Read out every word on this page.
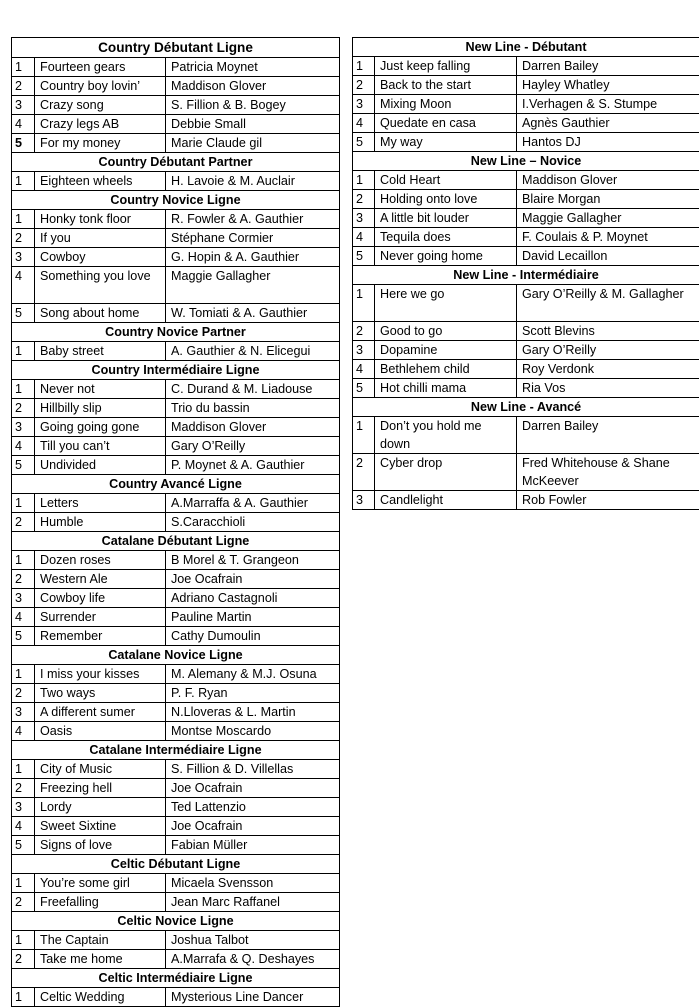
Country Débutant Ligne		
1	Fourteen gears	Patricia Moynet
2	Country boy lovin’	Maddison Glover
3	Crazy song	S. Fillion & B. Bogey
4	Crazy legs AB	Debbie Small
5	For my money	Marie Claude gil
Country Débutant Partner		
1	Eighteen wheels	H. Lavoie & M. Auclair
Country Novice Ligne		
1	Honky tonk floor	R. Fowler & A. Gauthier
2	If you	Stéphane Cormier
3	Cowboy	G. Hopin & A. Gauthier
4	Something you love	Maggie Gallagher
5	Song about home	W. Tomiati & A. Gauthier
Country Novice Partner		
1	Baby street	A. Gauthier & N. Elicegui
Country Intermédiaire Ligne		
1	Never not	C. Durand & M. Liadouse
2	Hillbilly slip	Trio du bassin
3	Going going gone	Maddison Glover
4	Till you can’t	Gary O’Reilly
5	Undivided	P. Moynet & A. Gauthier
Country Avancé Ligne		
1	Letters	A.Marraffa & A. Gauthier
2	Humble	S.Caracchioli
Catalane Débutant Ligne		
1	Dozen roses	B Morel & T. Grangeon
2	Western Ale	Joe Ocafrain
3	Cowboy life	Adriano Castagnoli
4	Surrender	Pauline Martin
5	Remember	Cathy Dumoulin
Catalane Novice Ligne		
1	I miss your kisses	M. Alemany & M.J. Osuna
2	Two ways	P. F. Ryan
3	A different sumer	N.Lloveras & L. Martin
4	Oasis	Montse Moscardo
Catalane Intermédiaire Ligne		
1	City of Music	S. Fillion & D. Villellas
2	Freezing hell	Joe Ocafrain
3	Lordy	Ted Lattenzio
4	Sweet Sixtine	Joe Ocafrain
5	Signs of love	Fabian Müller
Celtic Débutant Ligne		
1	You’re some girl	Micaela Svensson
2	Freefalling	Jean Marc Raffanel
Celtic Novice Ligne		
1	The Captain	Joshua Talbot
2	Take me home	A.Marrafa & Q. Deshayes
Celtic Intermédiaire Ligne		
1	Celtic Wedding	Mysterious Line Dancer
New Line - Débutant		
1	Just keep falling	Darren Bailey
2	Back to the start	Hayley Whatley
3	Mixing Moon	I.Verhagen & S. Stumpe
4	Quedate en casa	Agnès Gauthier
5	My way	Hantos DJ
New Line – Novice		
1	Cold Heart	Maddison Glover
2	Holding onto love	Blaire Morgan
3	A little bit louder	Maggie Gallagher
4	Tequila does	F. Coulais & P. Moynet
5	Never going home	David Lecaillon
New Line - Intermédiaire		
1	Here we go	Gary O’Reilly & M. Gallagher
2	Good to go	Scott Blevins
3	Dopamine	Gary O’Reilly
4	Bethlehem child	Roy Verdonk
5	Hot chilli mama	Ria Vos
New Line - Avancé		
1	Don’t you hold me down	Darren Bailey
2	Cyber drop	Fred Whitehouse & Shane McKeever
3	Candlelight	Rob Fowler
